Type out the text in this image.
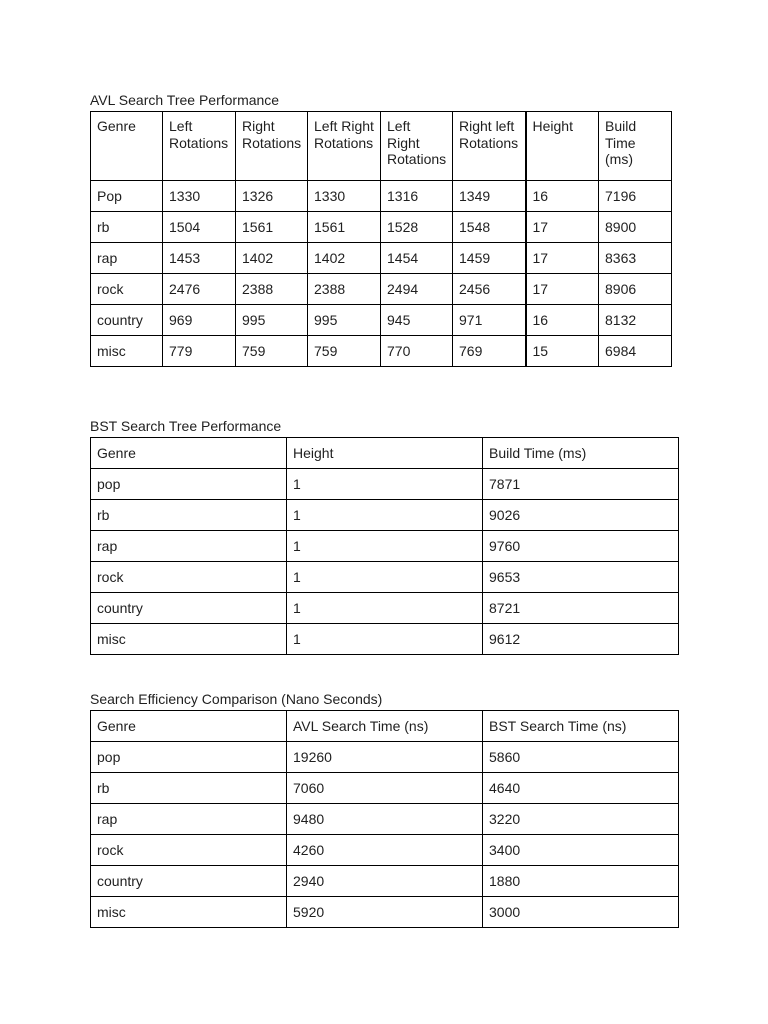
AVL Search Tree Performance
Genre	Left Rotations	Right Rotations	Left Right Rotations	Left Right Rotations	Right left Rotations	Height	Build Time (ms)
Pop	1330	1326	1330	1316	1349	16	7196
rb	1504	1561	1561	1528	1548	17	8900
rap	1453	1402	1402	1454	1459	17	8363
rock	2476	2388	2388	2494	2456	17	8906
country	969	995	995	945	971	16	8132
misc	779	759	759	770	769	15	6984
BST Search Tree Performance
Genre	Height	Build Time (ms)
pop	1	7871
rb	1	9026
rap	1	9760
rock	1	9653
country	1	8721
misc	1	9612
Search Efficiency Comparison (Nano Seconds)
Genre	AVL Search Time (ns)	BST Search Time (ns)
pop	19260	5860
rb	7060	4640
rap	9480	3220
rock	4260	3400
country	2940	1880
misc	5920	3000
